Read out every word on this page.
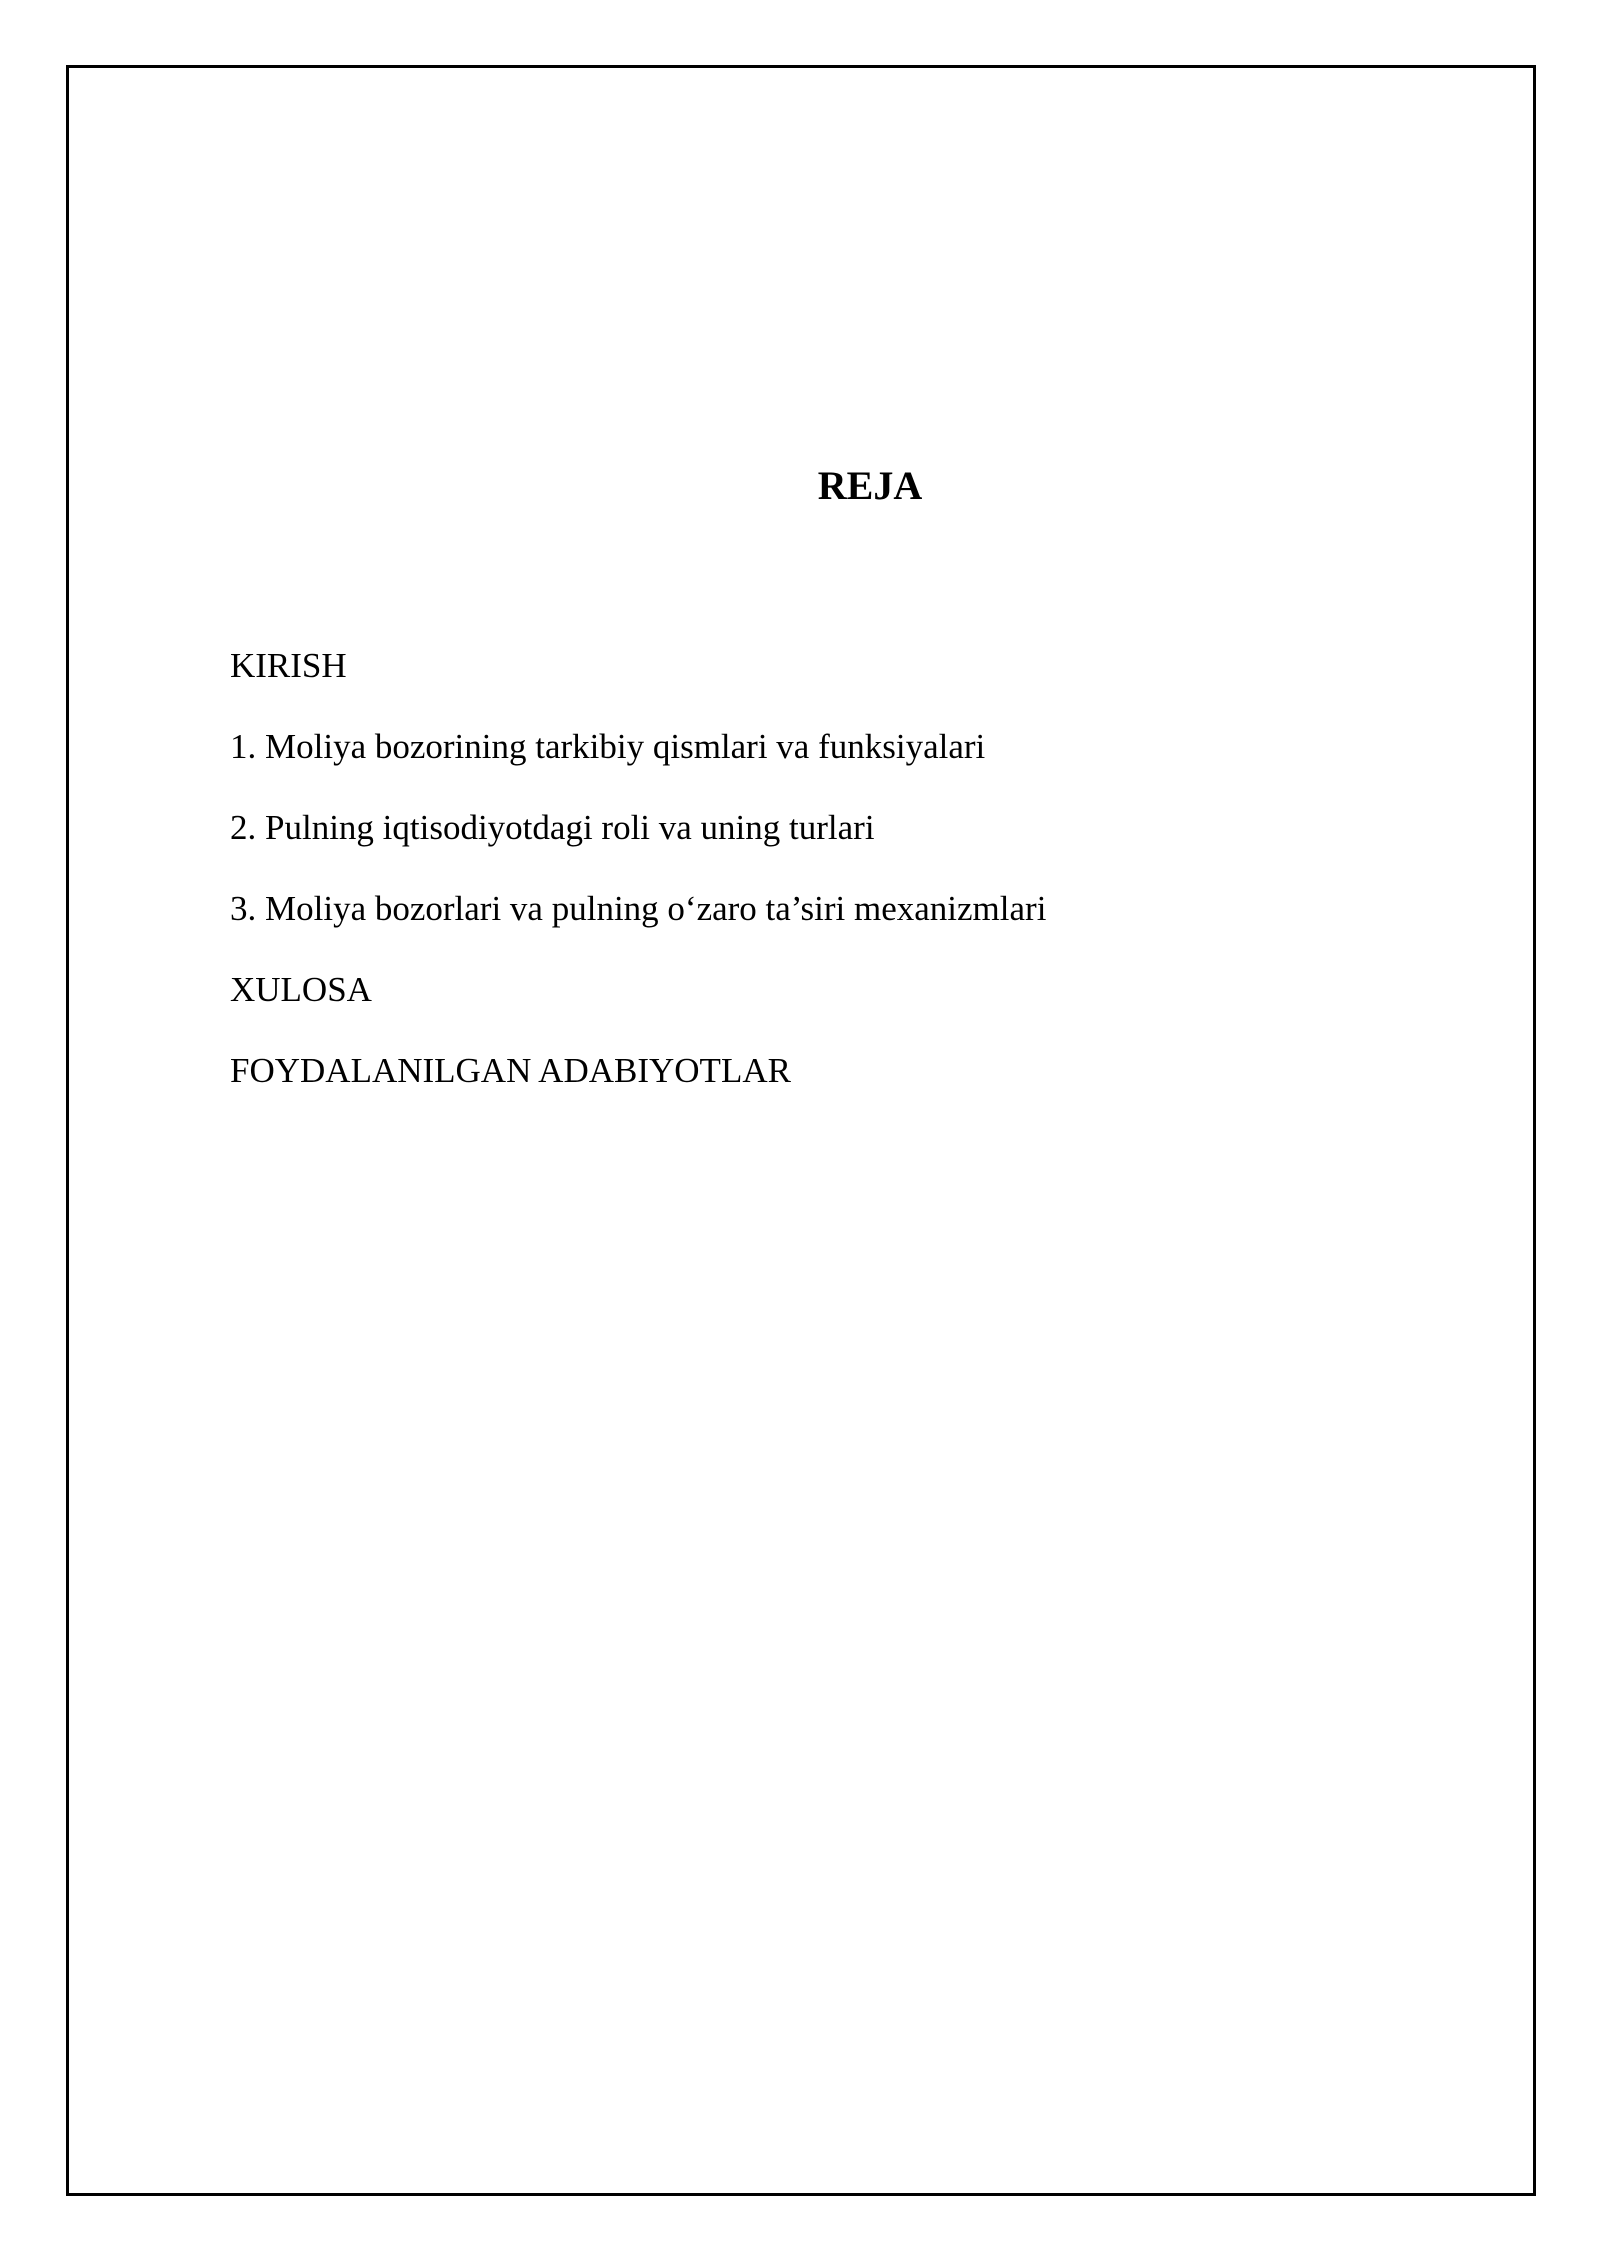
REJA
KIRISH
1. Moliya bozorining tarkibiy qismlari va funksiyalari
2. Pulning iqtisodiyotdagi roli va uning turlari
3. Moliya bozorlari va pulning o‘zaro ta’siri mexanizmlari
XULOSA
FOYDALANILGAN ADABIYOTLAR
